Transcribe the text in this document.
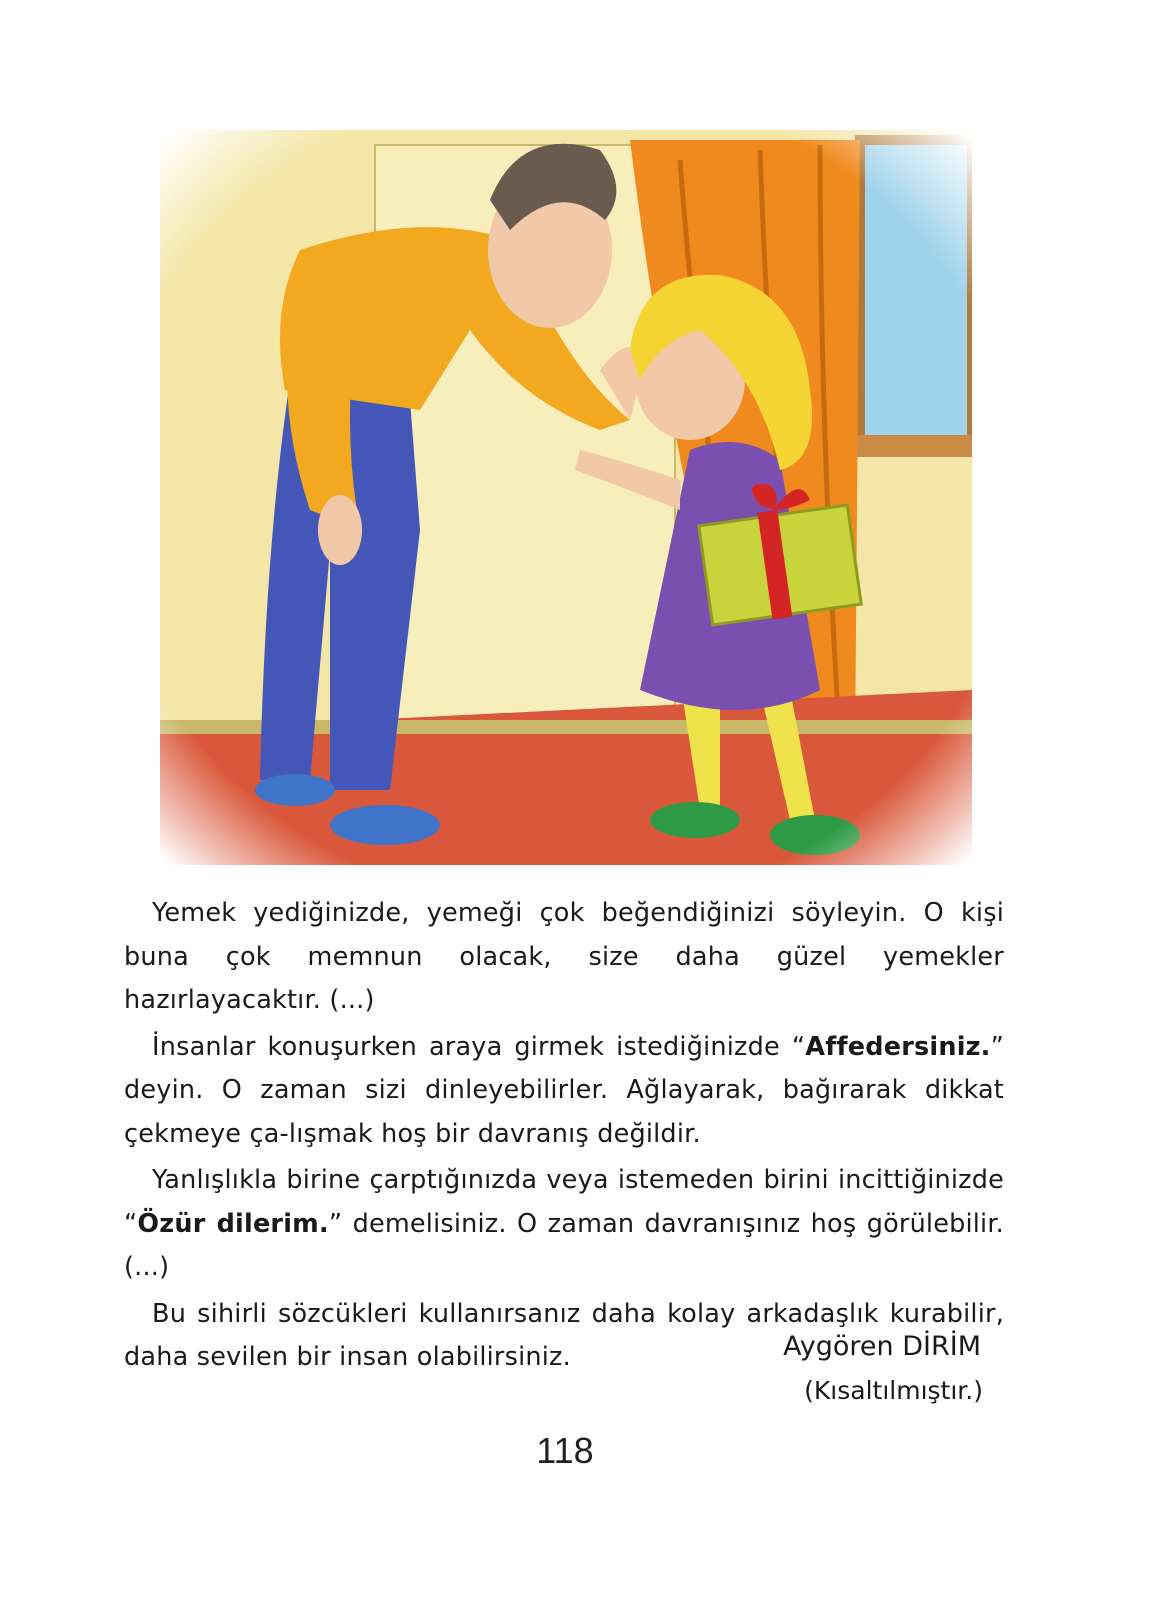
Yemek yediğinizde, yemeği çok beğendiğinizi söyleyin. O kişi buna çok memnun olacak, size daha güzel yemekler hazırlayacaktır. (...)

İnsanlar konuşurken araya girmek istediğinizde “Affedersiniz.” deyin. O zaman sizi dinleyebilirler. Ağlayarak, bağırarak dikkat çekmeye ça-lışmak hoş bir davranış değildir.

Yanlışlıkla birine çarptığınızda veya istemeden birini incittiğinizde “Özür dilerim.” demelisiniz. O zaman davranışınız hoş görülebilir. (...)

Bu sihirli sözcükleri kullanırsanız daha kolay arkadaşlık kurabilir, daha sevilen bir insan olabilirsiniz.	Aygören DİRİM
(Kısaltılmıştır.)
118
